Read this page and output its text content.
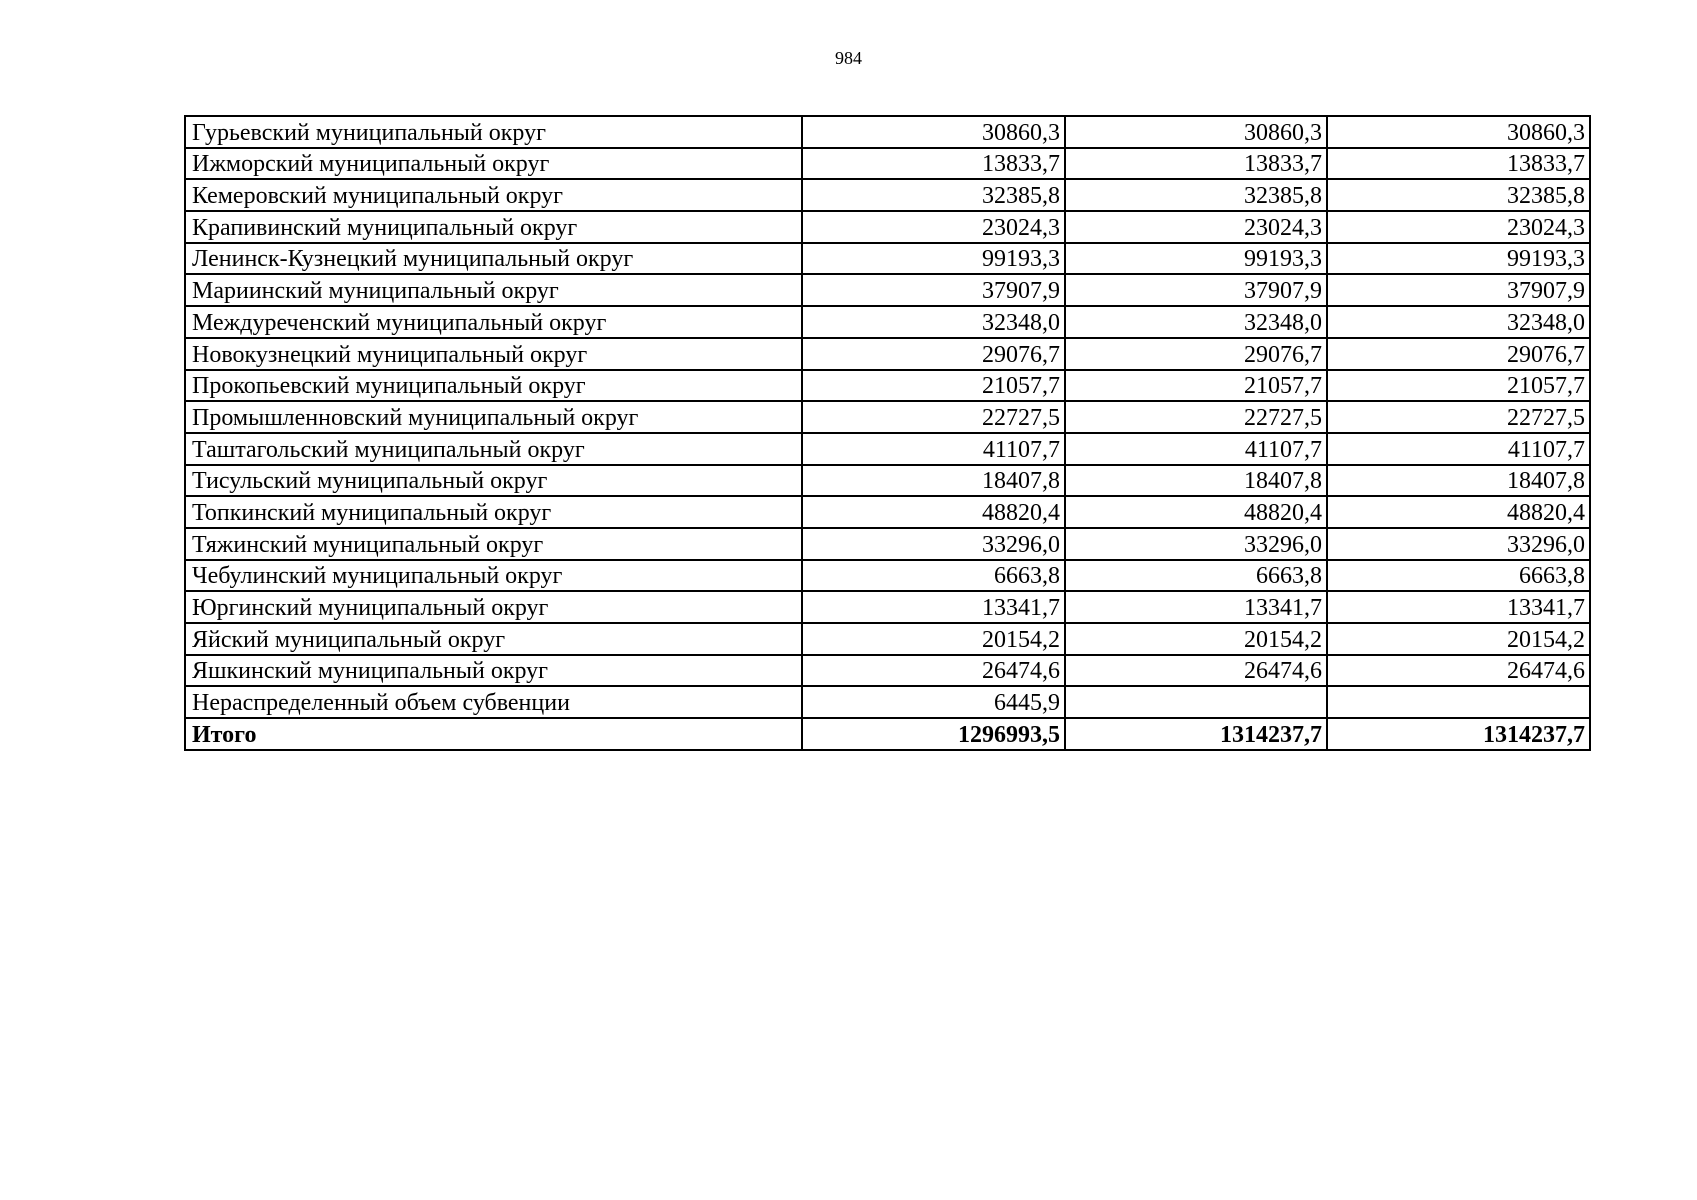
984
Гурьевский муниципальный округ	30860,3	30860,3	30860,3
Ижморский муниципальный округ	13833,7	13833,7	13833,7
Кемеровский муниципальный округ	32385,8	32385,8	32385,8
Крапивинский муниципальный округ	23024,3	23024,3	23024,3
Ленинск-Кузнецкий муниципальный округ	99193,3	99193,3	99193,3
Мариинский муниципальный округ	37907,9	37907,9	37907,9
Междуреченский муниципальный округ	32348,0	32348,0	32348,0
Новокузнецкий муниципальный округ	29076,7	29076,7	29076,7
Прокопьевский муниципальный округ	21057,7	21057,7	21057,7
Промышленновский муниципальный округ	22727,5	22727,5	22727,5
Таштагольский муниципальный округ	41107,7	41107,7	41107,7
Тисульский муниципальный округ	18407,8	18407,8	18407,8
Топкинский муниципальный округ	48820,4	48820,4	48820,4
Тяжинский муниципальный округ	33296,0	33296,0	33296,0
Чебулинский муниципальный округ	6663,8	6663,8	6663,8
Юргинский муниципальный округ	13341,7	13341,7	13341,7
Яйский муниципальный округ	20154,2	20154,2	20154,2
Яшкинский муниципальный округ	26474,6	26474,6	26474,6
Нераспределенный объем субвенции	6445,9		
Итого	1296993,5	1314237,7	1314237,7
